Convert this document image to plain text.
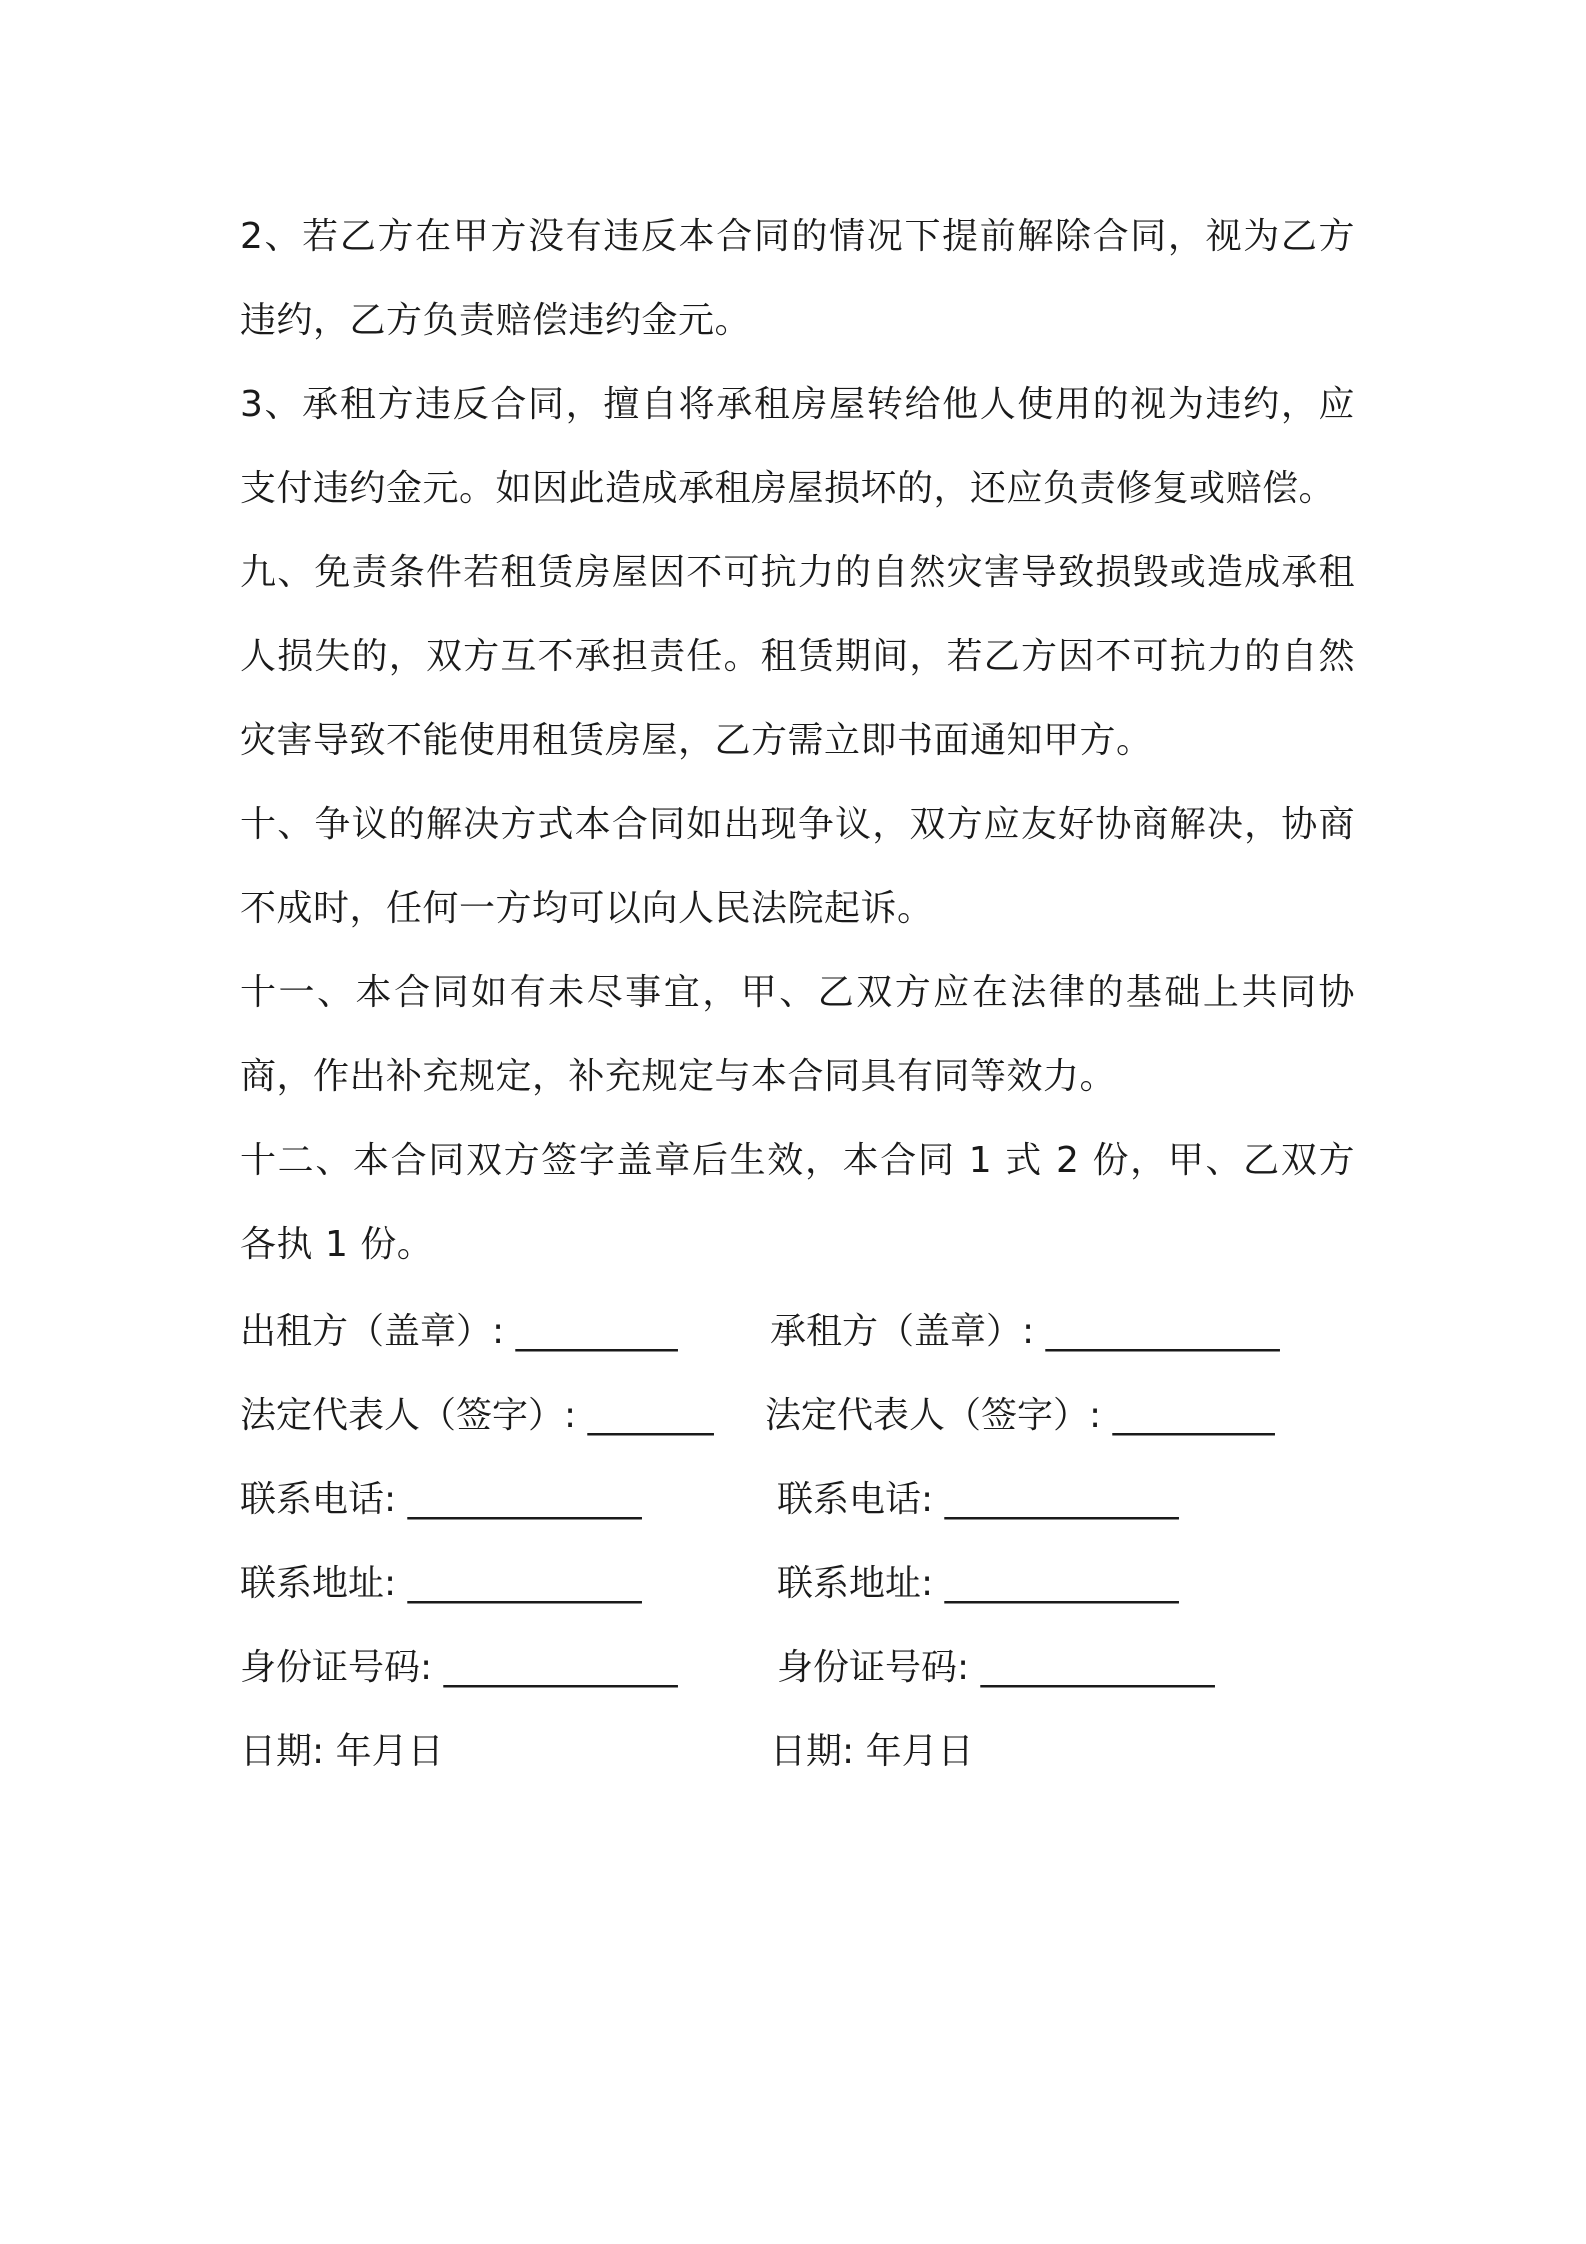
2、若乙方在甲方没有违反本合同的情况下提前解除合同，视为乙方违约，乙方负责赔偿违约金元。

3、承租方违反合同，擅自将承租房屋转给他人使用的视为违约，应支付违约金元。如因此造成承租房屋损坏的，还应负责修复或赔偿。

九、免责条件若租赁房屋因不可抗力的自然灾害导致损毁或造成承租人损失的，双方互不承担责任。租赁期间，若乙方因不可抗力的自然灾害导致不能使用租赁房屋，乙方需立即书面通知甲方。

十、争议的解决方式本合同如出现争议，双方应友好协商解决，协商不成时，任何一方均可以向人民法院起诉。

十一、本合同如有未尽事宜，甲、乙双方应在法律的基础上共同协商，作出补充规定，补充规定与本合同具有同等效力。

十二、本合同双方签字盖章后生效，本合同 1 式 2 份，甲、乙双方各执 1 份。

出租方（盖章）: _________	承租方（盖章）: _____________
法定代表人（签字）: _______ 法定代表人（签字）: _________
联系电话: _____________	联系电话: _____________
联系地址: _____________	联系地址: _____________
身份证号码: _____________	身份证号码: _____________
日期: 年月日	日期: 年月日
